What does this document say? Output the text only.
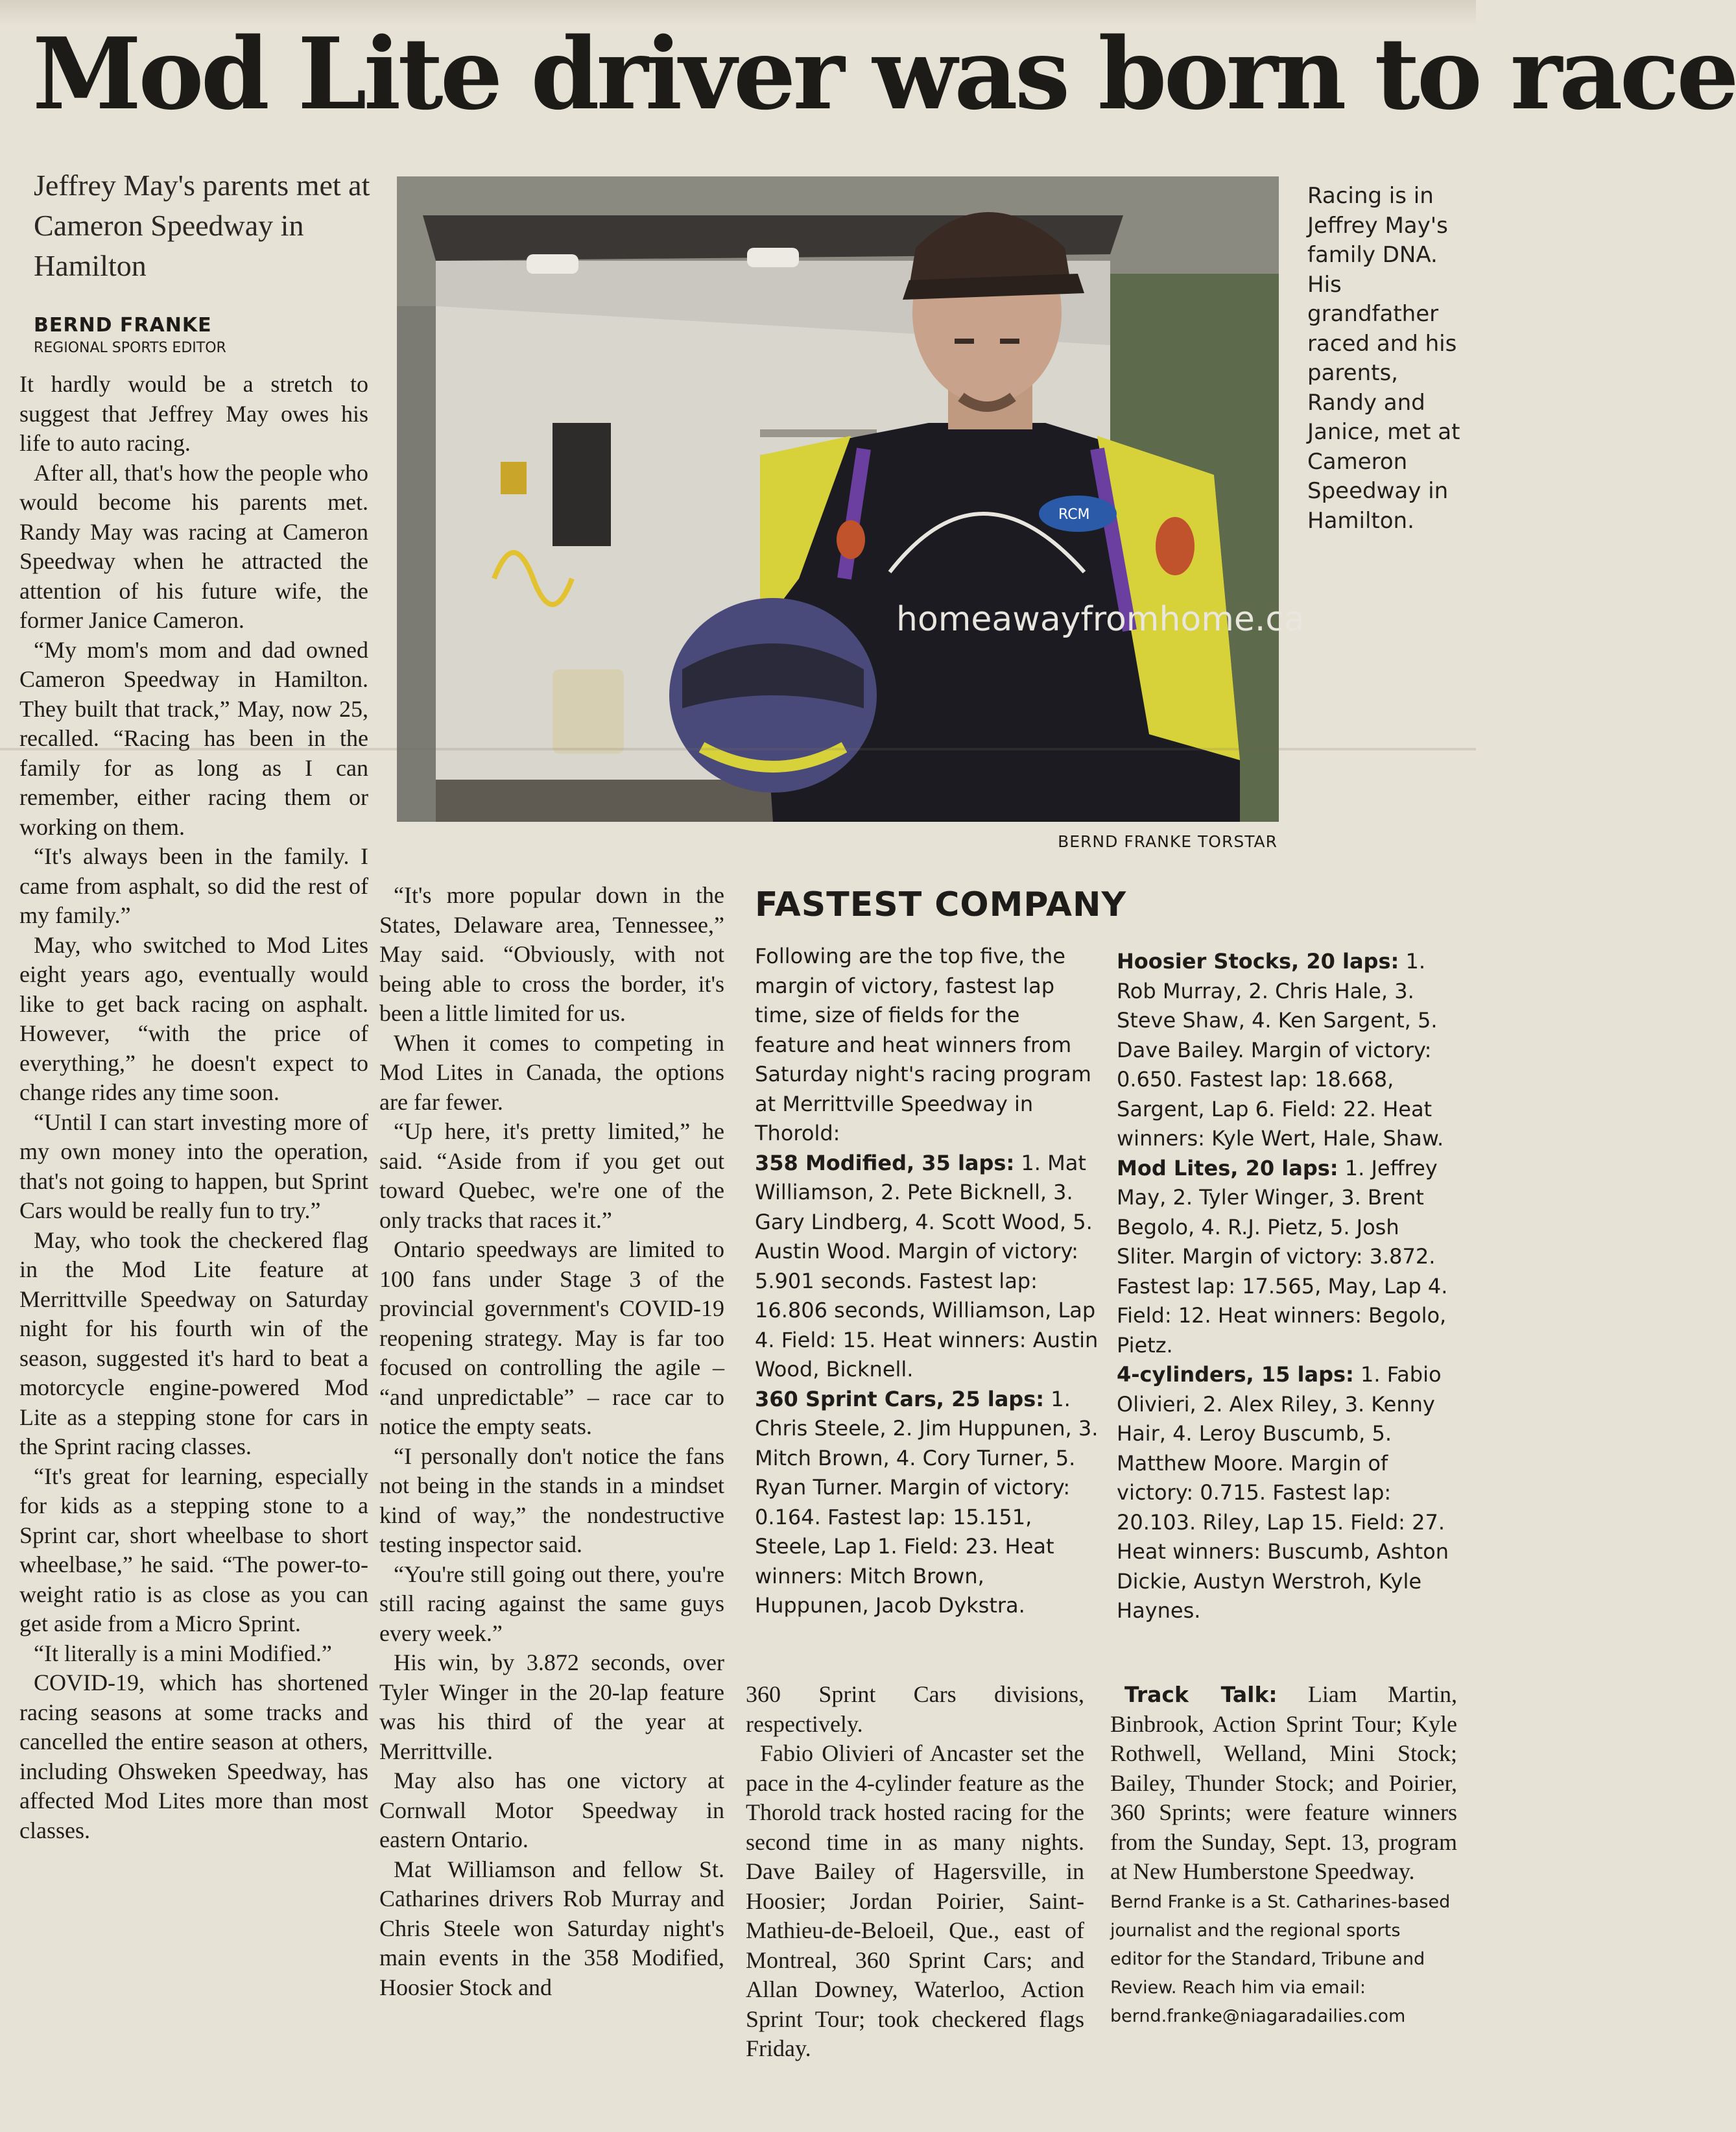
Mod Lite driver was born to race
Jeffrey May's parents met at Cameron Speedway in Hamilton
BERND FRANKE
REGIONAL SPORTS EDITOR

It hardly would be a stretch to suggest that Jeffrey May owes his life to auto racing.

After all, that's how the people who would become his parents met. Randy May was racing at Cameron Speedway when he attracted the attention of his future wife, the former Janice Cameron.

“My mom's mom and dad owned Cameron Speedway in Hamilton. They built that track,” May, now 25, recalled. “Racing has been in the family for as long as I can remember, either racing them or working on them.

“It's always been in the family. I came from asphalt, so did the rest of my family.”

May, who switched to Mod Lites eight years ago, eventually would like to get back racing on asphalt. However, “with the price of everything,” he doesn't expect to change rides any time soon.

“Until I can start investing more of my own money into the operation, that's not going to happen, but Sprint Cars would be really fun to try.”

May, who took the checkered flag in the Mod Lite feature at Merrittville Speedway on Saturday night for his fourth win of the season, suggested it's hard to beat a motorcycle engine-powered Mod Lite as a stepping stone for cars in the Sprint racing classes.

“It's great for learning, especially for kids as a stepping stone to a Sprint car, short wheelbase to short wheelbase,” he said. “The power-to-weight ratio is as close as you can get aside from a Micro Sprint.

“It literally is a mini Modified.”

COVID-19, which has shortened racing seasons at some tracks and cancelled the entire season at others, including Ohsweken Speedway, has affected Mod Lites more than most classes.

homeawayfromhome.ca
RCM
BERND FRANKE TORSTAR
Racing is in Jeffrey May's family DNA. His grandfather raced and his parents, Randy and Janice, met at Cameron Speedway in Hamilton.

“It's more popular down in the States, Delaware area, Tennessee,” May said. “Obviously, with not being able to cross the border, it's been a little limited for us.

When it comes to competing in Mod Lites in Canada, the options are far fewer.

“Up here, it's pretty limited,” he said. “Aside from if you get out toward Quebec, we're one of the only tracks that races it.”

Ontario speedways are limited to 100 fans under Stage 3 of the provincial government's COVID-19 reopening strategy. May is far too focused on controlling the agile – “and unpredictable” – race car to notice the empty seats.

“I personally don't notice the fans not being in the stands in a mindset kind of way,” the nondestructive testing inspector said.

“You're still going out there, you're still racing against the same guys every week.”

His win, by 3.872 seconds, over Tyler Winger in the 20-lap feature was his third of the year at Merrittville.

May also has one victory at Cornwall Motor Speedway in eastern Ontario.

Mat Williamson and fellow St. Catharines drivers Rob Murray and Chris Steele won Saturday night's main events in the 358 Modified, Hoosier Stock and

FASTEST COMPANY

Following are the top five, the margin of victory, fastest lap time, size of fields for the feature and heat winners from Saturday night's racing program at Merrittville Speedway in Thorold:

358 Modified, 35 laps: 1. Mat Williamson, 2. Pete Bicknell, 3. Gary Lindberg, 4. Scott Wood, 5. Austin Wood. Margin of victory: 5.901 seconds. Fastest lap: 16.806 seconds, Williamson, Lap 4. Field: 15. Heat winners: Austin Wood, Bicknell.

360 Sprint Cars, 25 laps: 1. Chris Steele, 2. Jim Huppunen, 3. Mitch Brown, 4. Cory Turner, 5. Ryan Turner. Margin of victory: 0.164. Fastest lap: 15.151, Steele, Lap 1. Field: 23. Heat winners: Mitch Brown, Huppunen, Jacob Dykstra.

Hoosier Stocks, 20 laps: 1. Rob Murray, 2. Chris Hale, 3. Steve Shaw, 4. Ken Sargent, 5. Dave Bailey. Margin of victory: 0.650. Fastest lap: 18.668, Sargent, Lap 6. Field: 22. Heat winners: Kyle Wert, Hale, Shaw.

Mod Lites, 20 laps: 1. Jeffrey May, 2. Tyler Winger, 3. Brent Begolo, 4. R.J. Pietz, 5. Josh Sliter. Margin of victory: 3.872. Fastest lap: 17.565, May, Lap 4. Field: 12. Heat winners: Begolo, Pietz.

4-cylinders, 15 laps: 1. Fabio Olivieri, 2. Alex Riley, 3. Kenny Hair, 4. Leroy Buscumb, 5. Matthew Moore. Margin of victory: 0.715. Fastest lap: 20.103. Riley, Lap 15. Field: 27. Heat winners: Buscumb, Ashton Dickie, Austyn Werstroh, Kyle Haynes.

360 Sprint Cars divisions, respectively.

Fabio Olivieri of Ancaster set the pace in the 4-cylinder feature as the Thorold track hosted racing for the second time in as many nights. Dave Bailey of Hagersville, in Hoosier; Jordan Poirier, Saint-Mathieu-de-Beloeil, Que., east of Montreal, 360 Sprint Cars; and Allan Downey, Waterloo, Action Sprint Tour; took checkered flags Friday.

Track Talk: Liam Martin, Binbrook, Action Sprint Tour; Kyle Rothwell, Welland, Mini Stock; Bailey, Thunder Stock; and Poirier, 360 Sprints; were feature winners from the Sunday, Sept. 13, program at New Humberstone Speedway.

Bernd Franke is a St. Catharines-based journalist and the regional sports editor for the Standard, Tribune and Review. Reach him via email: bernd.franke@niagaradailies.com
